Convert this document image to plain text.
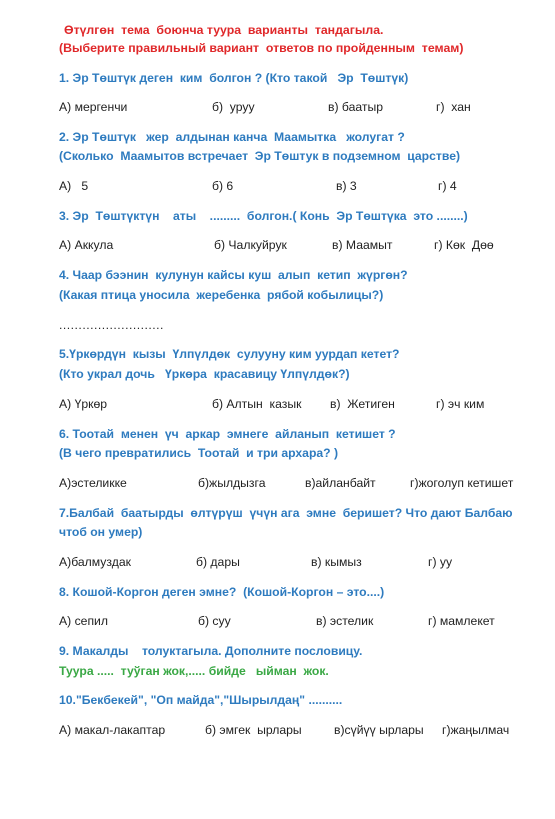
Өтүлгөн  тема  боюнча туура  варианты  тандагыла.
(Выберите правильный вариант  ответов по пройденным  темам)
1. Эр Төштүк деген  ким  болгон ? (Кто такой   Эр  Төштүк)
А) мергенчи	б)  уруу	в) баатыр	г)  хан
2. Эр Төштүк   жер  алдынан канча  Маамытка   жолугат ?
(Сколько  Маамытов встречает  Эр Төштук в подземном  царстве)
А)   5	б) 6	в) 3	г) 4
3. Эр  Төштүктүн    аты    .........  болгон.( Конь  Эр Төштүка  это ........)
А) Аккула	б) Чалкуйрук	в) Маамыт	г) Көк  Дөө
4. Чаар бээнин  кулунун кайсы куш  алып  кетип  жүргөн?
(Какая птица уносила  жеребенка  рябой кобылицы?)
...........................
5.Үркөрдүн  кызы  Үлпүлдөк  сулуунy ким уурдап кетет?
(Кто украл дочь   Үркөра  красавицу Үлпүлдөк?)
А) Үркөр	б) Алтын  казык в)  Жетиген	г) эч ким
6. Тоотай  менен  үч  аркар  эмнеге  айланып  кетишет ?
(В чего превратились  Тоотай  и три архара? )
А)эстеликке	б)жылдызга	в)айланбайт	г)жоголуп кетишет
7.Балбай  баатырды  өлтүрүш  үчүн ага  эмне  беришет? Что дают Балбаю
чтоб он умер)
А)балмуздак	б) дары	в) кымыз	г) уу
8. Кошой-Коргон деген эмне?  (Кошой-Коргон – это....)
А) сепил	б) суу	в) эстелик	г) мамлекет
9. Макалды    толуктагыла. Дополните пословицу.
Туура .....  туўган жок,..... бийде   ыйман  жок.
10."Бекбекей", "Оп майда","Шырылдаң" ..........
А) макал-лакаптар	б) эмгек  ырлары	в)сүйүү ырлары г)жаңылмач
